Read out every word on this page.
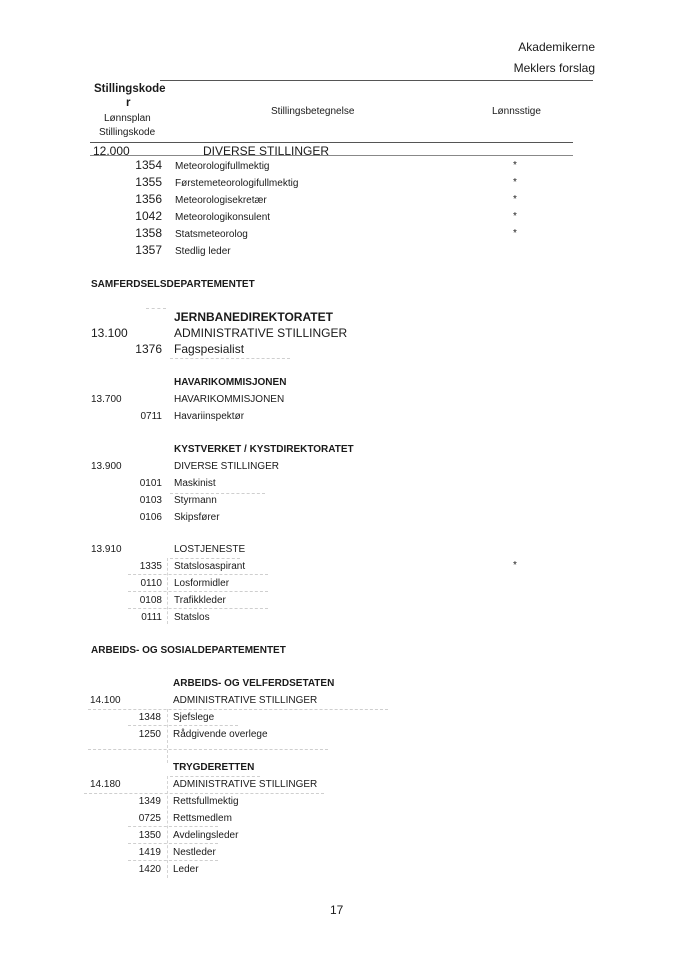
Akademikerne
Meklers forslag
Stillingskode
r
Lønnsplan
Stillingskode
Stillingsbetegnelse	Lønnsstige
12.000	DIVERSE STILLINGER
1354 Meteorologifullmektig	*
1355 Førstemeteorologifullmektig	*
1356 Meteorologisekretær	*
1042 Meteorologikonsulent	*
1358 Statsmeteorolog	*
1357 Stedlig leder
SAMFERDSELSDEPARTEMENTET
JERNBANEDIREKTORATET
13.100	ADMINISTRATIVE STILLINGER
1376 Fagspesialist
HAVARIKOMMISJONEN
13.700	HAVARIKOMMISJONEN
0711 Havariinspektør
KYSTVERKET / KYSTDIREKTORATET
13.900	DIVERSE STILLINGER
0101 Maskinist
0103 Styrmann
0106 Skipsfører
13.910	LOSTJENESTE
1335 Statslosaspirant	*
0110 Losformidler
0108 Trafikkleder
0111 Statslos
ARBEIDS- OG SOSIALDEPARTEMENTET
ARBEIDS- OG VELFERDSETATEN
14.100	ADMINISTRATIVE STILLINGER
1348 Sjefslege
1250 Rådgivende overlege
TRYGDERETTEN
14.180	ADMINISTRATIVE STILLINGER
1349 Rettsfullmektig
0725 Rettsmedlem
1350 Avdelingsleder
1419 Nestleder
1420 Leder
17
